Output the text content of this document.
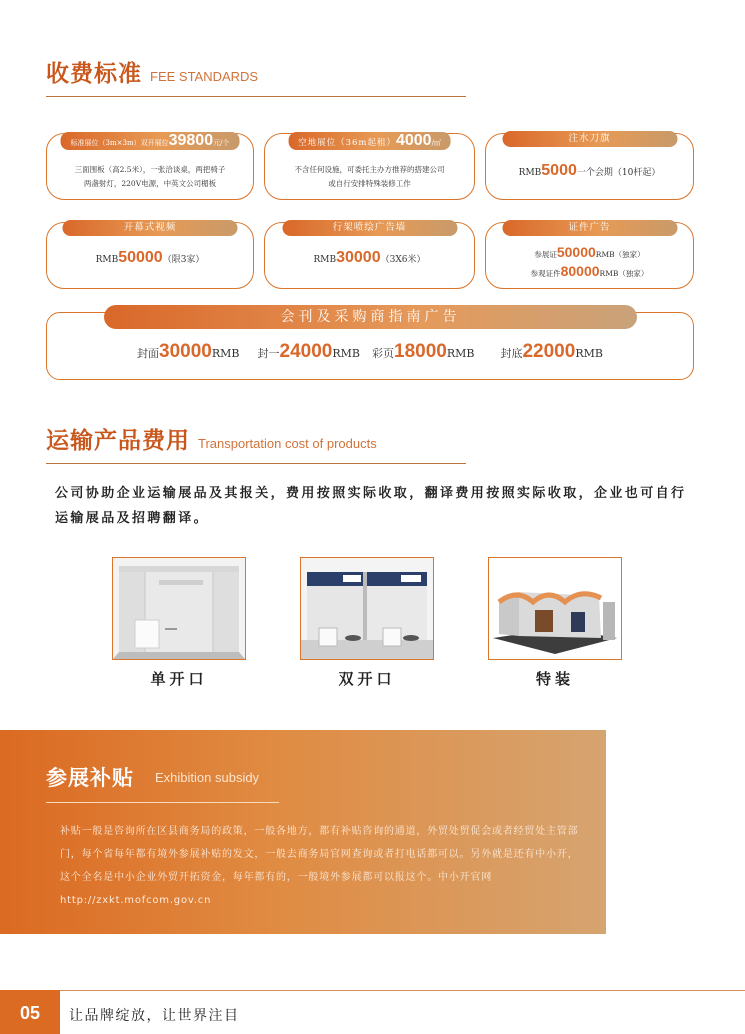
收费标准 FEE STANDARDS
标准展位（3m×3m）双开展位39800元/个
三面围板（高2.5米），一张洽谈桌，两把椅子
两盏射灯，220V电源，中英文公司楣板
空地展位（36m起租）4000/㎡
不含任何设施，可委托主办方推荐的搭建公司
或自行安排特殊装修工作
注水刀旗
RMB5000一个会期（10杆起）
开幕式视频
RMB50000（限3家）
行架喷绘广告墙
RMB30000（3X6米）
证件广告
参展证50000RMB（独家）
参观证件80000RMB（独家）
会刊及采购商指南广告
封面30000RMB 封一24000RMB 彩页18000RMB 封底22000RMB
运输产品费用 Transportation cost of products
公司协助企业运输展品及其报关，费用按照实际收取，翻译费用按照实际收取，企业也可自行运输展品及招聘翻译。
单开口	双开口	特装
参展补贴 Exhibition subsidy
补贴一般是咨询所在区县商务局的政策，一般各地方，都有补贴咨询的通道，外贸处贸促会或者经贸处主管部门，每个省每年都有境外参展补贴的发文，一般去商务局官网查询或者打电话都可以。另外就是还有中小开，这个全名是中小企业外贸开拓资金，每年都有的，一般境外参展都可以报这个。中小开官网http://zxkt.mofcom.gov.cn
05	让品牌绽放，让世界注目
